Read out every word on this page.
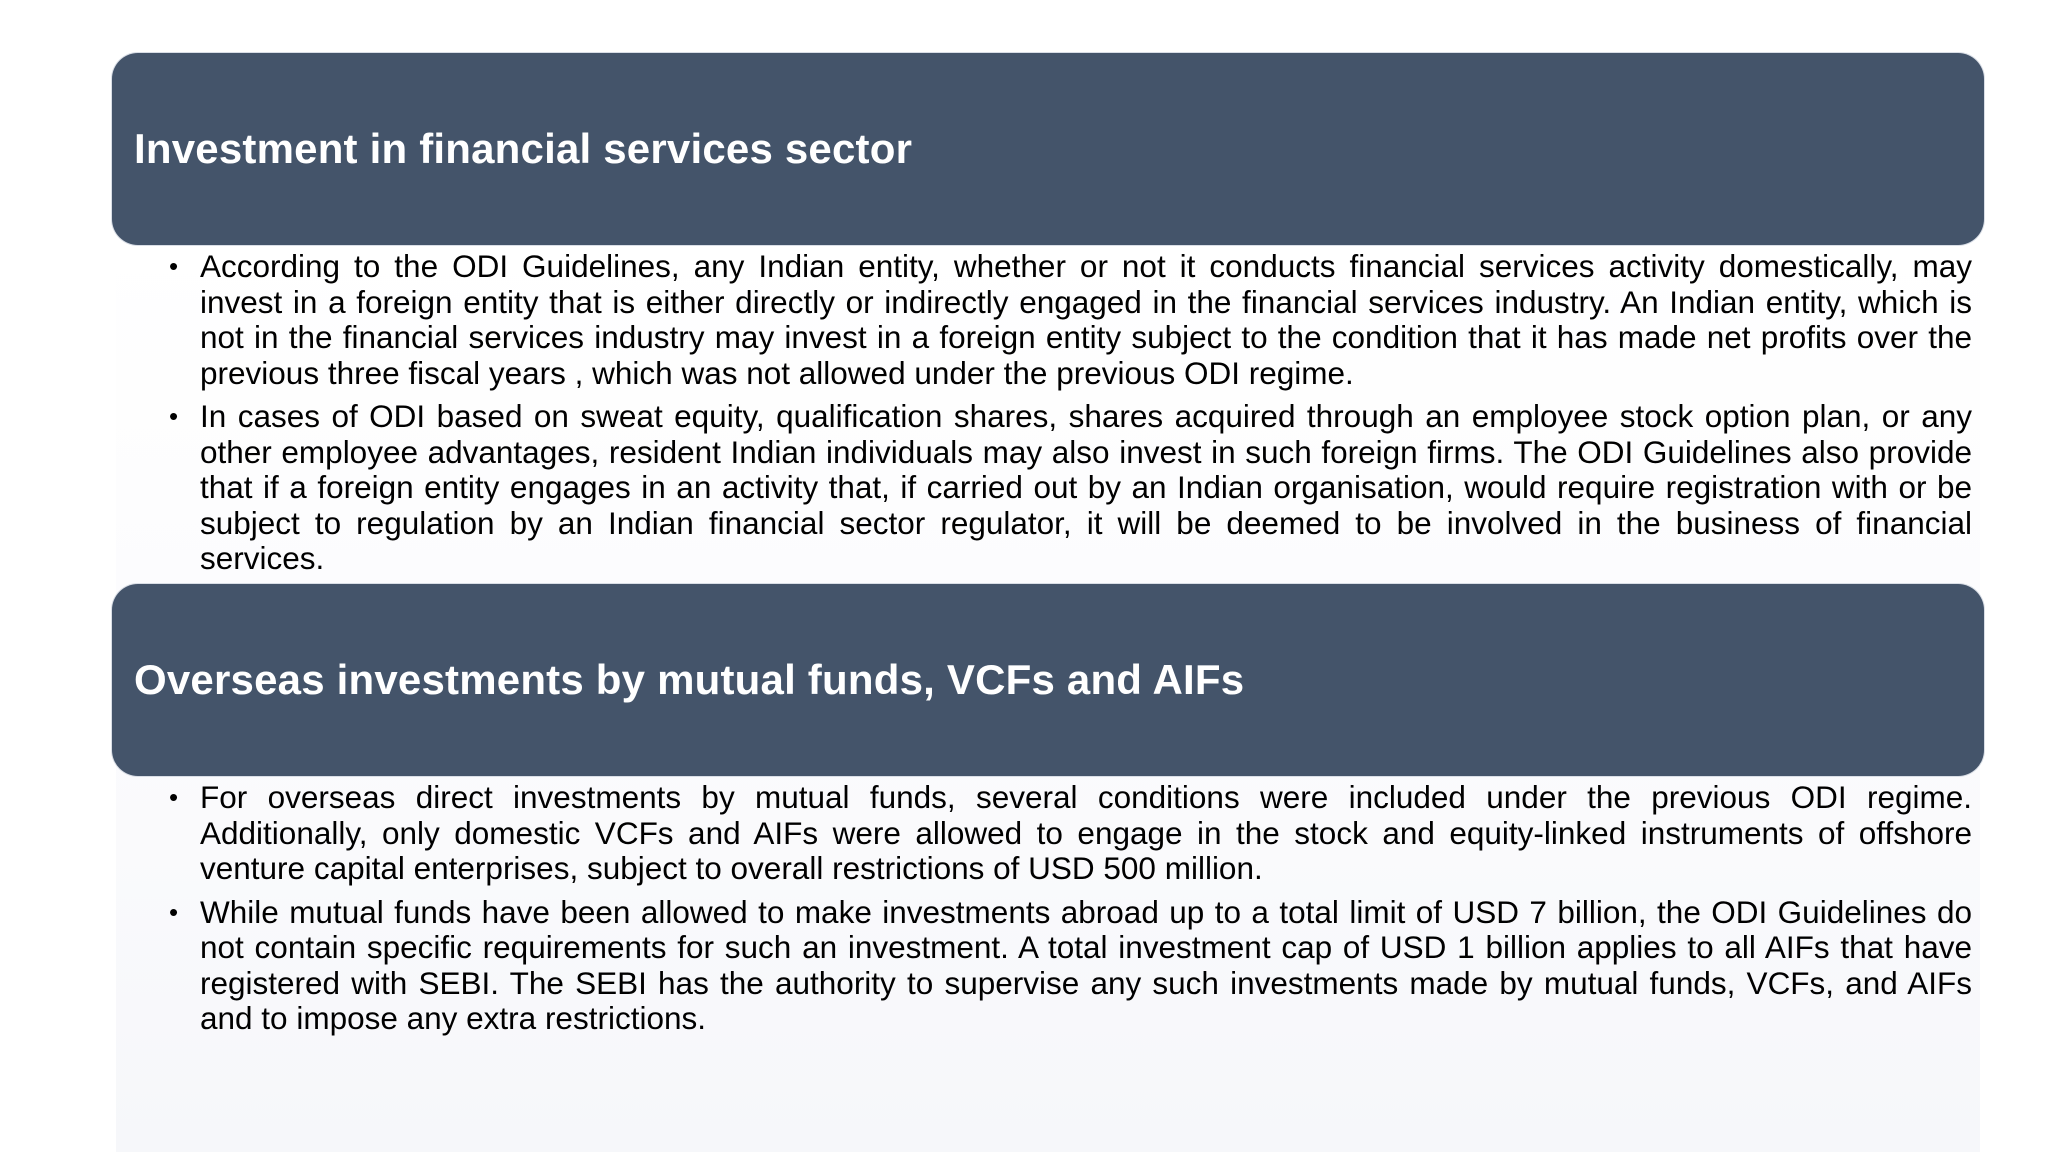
Investment in financial services sector
• According to the ODI Guidelines, any Indian entity, whether or not it conducts financial services activity domestically, may invest in a foreign entity that is either directly or indirectly engaged in the financial services industry. An Indian entity, which is not in the financial services industry may invest in a foreign entity subject to the condition that it has made net profits over the previous three fiscal years , which was not allowed under the previous ODI regime.
• In cases of ODI based on sweat equity, qualification shares, shares acquired through an employee stock option plan, or any other employee advantages, resident Indian individuals may also invest in such foreign firms. The ODI Guidelines also provide that if a foreign entity engages in an activity that, if carried out by an Indian organisation, would require registration with or be subject to regulation by an Indian financial sector regulator, it will be deemed to be involved in the business of financial services.
Overseas investments by mutual funds, VCFs and AIFs
• For overseas direct investments by mutual funds, several conditions were included under the previous ODI regime. Additionally, only domestic VCFs and AIFs were allowed to engage in the stock and equity-linked instruments of offshore venture capital enterprises, subject to overall restrictions of USD 500 million.
• While mutual funds have been allowed to make investments abroad up to a total limit of USD 7 billion, the ODI Guidelines do not contain specific requirements for such an investment. A total investment cap of USD 1 billion applies to all AIFs that have registered with SEBI. The SEBI has the authority to supervise any such investments made by mutual funds, VCFs, and AIFs and to impose any extra restrictions.
